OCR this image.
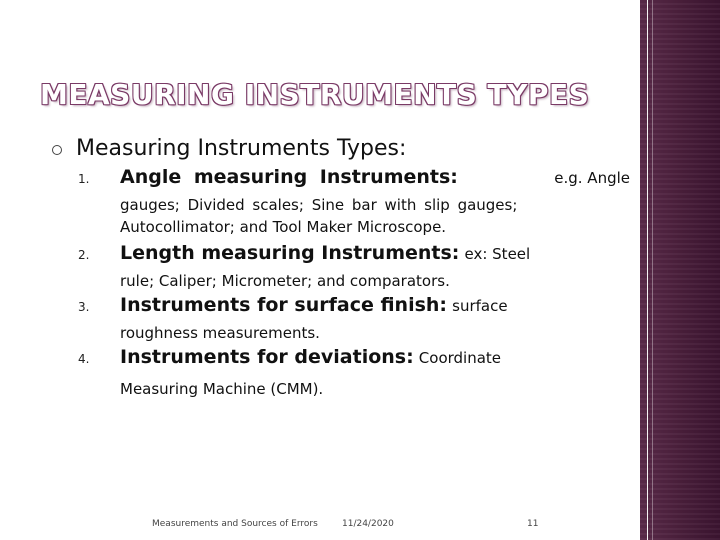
MEASURING INSTRUMENTS TYPES
Measuring Instruments Types:
1. Angle measuring Instruments:	e.g. Angle
gauges; Divided scales; Sine bar with slip gauges;
Autocollimator; and Tool Maker Microscope.
2. Length measuring Instruments: ex: Steel
rule; Caliper; Micrometer; and comparators.
3. Instruments for surface finish: surface
roughness measurements.
4. Instruments for deviations: Coordinate
Measuring Machine (CMM).
Measurements and Sources of Errors	11/24/2020	11
